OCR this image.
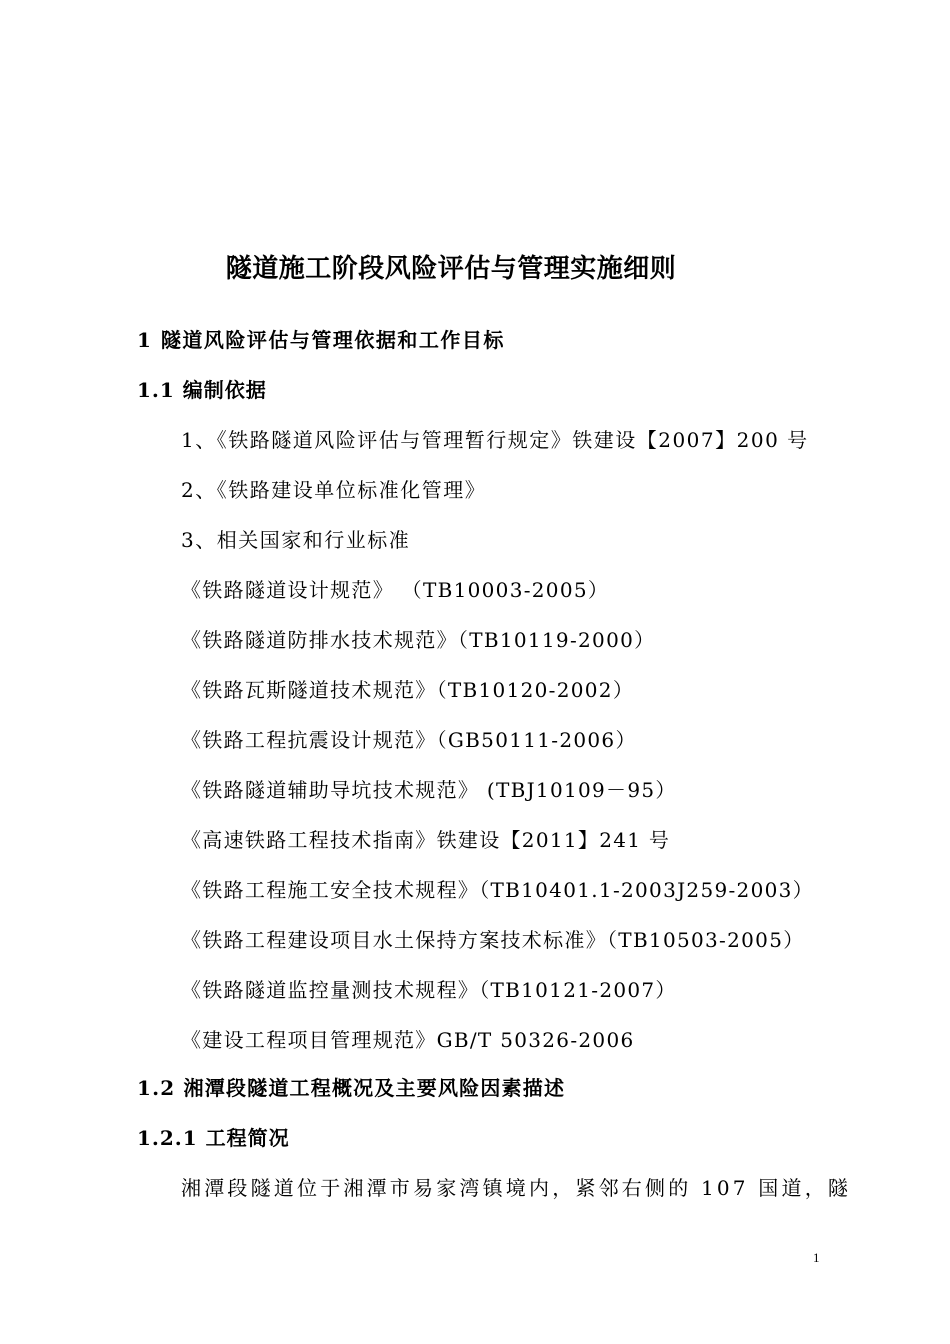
隧道施工阶段风险评估与管理实施细则
1 隧道风险评估与管理依据和工作目标
1.1 编制依据
1、《铁路隧道风险评估与管理暂行规定》铁建设【2007】200 号
2、《铁路建设单位标准化管理》
3、相关国家和行业标准
《铁路隧道设计规范》 （TB10003-2005）
《铁路隧道防排水技术规范》（TB10119-2000）
《铁路瓦斯隧道技术规范》（TB10120-2002）
《铁路工程抗震设计规范》（GB50111-2006）
《铁路隧道辅助导坑技术规范》 (TBJ10109－95）
《高速铁路工程技术指南》铁建设【2011】241 号
《铁路工程施工安全技术规程》（TB10401.1-2003J259-2003）
《铁路工程建设项目水土保持方案技术标准》（TB10503-2005）
《铁路隧道监控量测技术规程》（TB10121-2007）
《建设工程项目管理规范》GB/T 50326-2006
1.2 湘潭段隧道工程概况及主要风险因素描述
1.2.1 工程简况
湘潭段隧道位于湘潭市易家湾镇境内，紧邻右侧的 107 国道，隧
1
